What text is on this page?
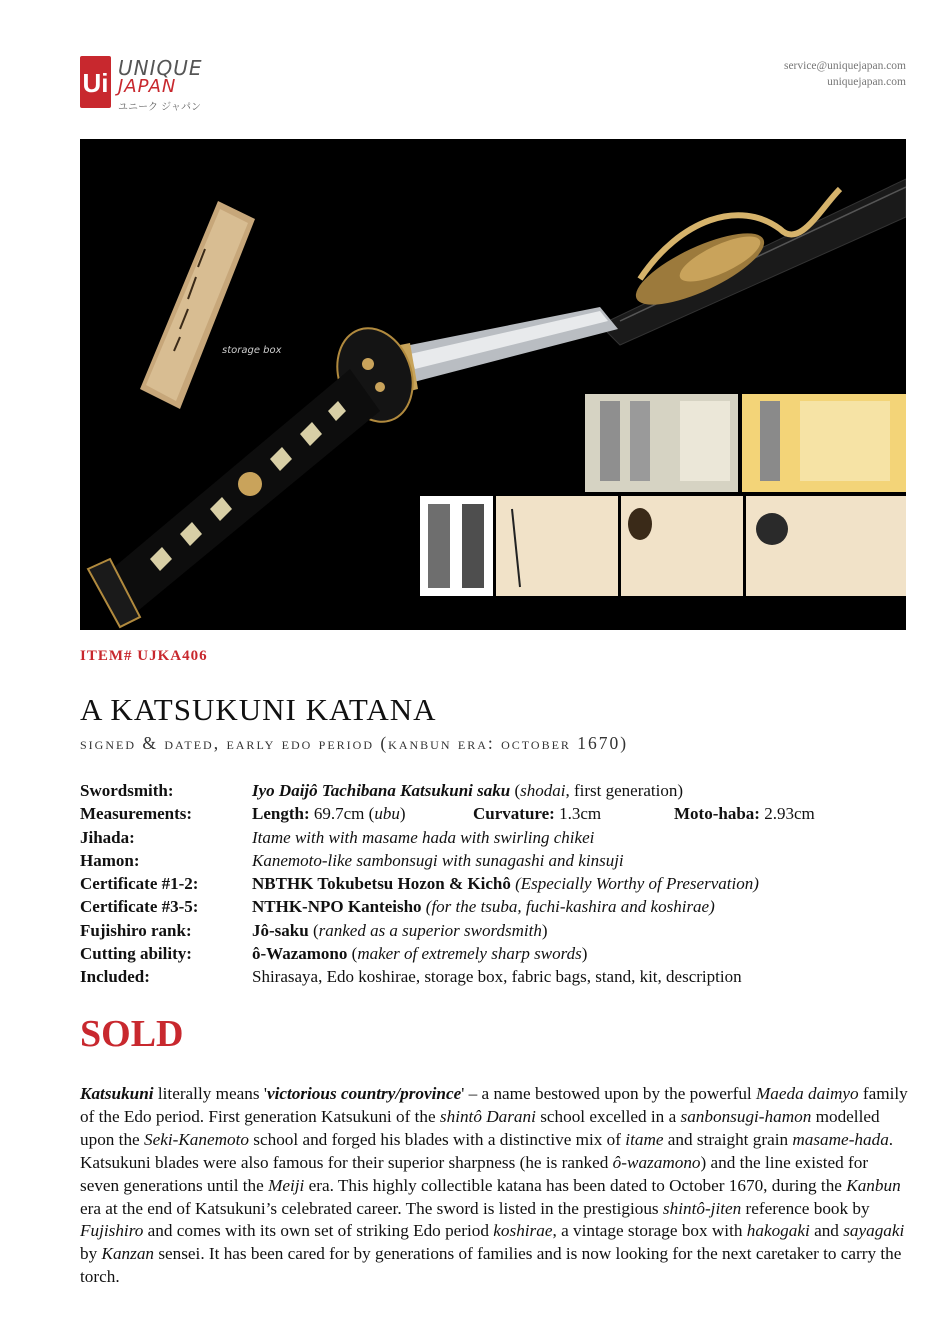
Ui UNIQUE
JAPAN
ユニーク ジャパン
service@uniquejapan.com
uniquejapan.com
storage box
ITEM# UJKA406
A KATSUKUNI KATANA
signed & dated, early edo period (kanbun era: october 1670)
Swordsmith:	Iyo Daijô Tachibana Katsukuni saku (shodai, first generation)
Measurements:	Length: 69.7cm (ubu)	Curvature: 1.3cm	Moto-haba: 2.93cm
Jihada:	Itame with with masame hada with swirling chikei
Hamon:	Kanemoto-like sambonsugi with sunagashi and kinsuji
Certificate #1-2:	NBTHK Tokubetsu Hozon & Kichô (Especially Worthy of Preservation)
Certificate #3-5:	NTHK-NPO Kanteisho (for the tsuba, fuchi-kashira and koshirae)
Fujishiro rank:	Jô-saku (ranked as a superior swordsmith)
Cutting ability:	ô-Wazamono (maker of extremely sharp swords)
Included:	Shirasaya, Edo koshirae, storage box, fabric bags, stand, kit, description
SOLD
Katsukuni literally means 'victorious country/province' – a name bestowed upon by the powerful Maeda daimyo family of the Edo period. First generation Katsukuni of the shintô Darani school excelled in a sanbonsugi-hamon modelled upon the Seki-Kanemoto school and forged his blades with a distinctive mix of itame and straight grain masame-hada. Katsukuni blades were also famous for their superior sharpness (he is ranked ô-wazamono) and the line existed for seven generations until the Meiji era. This highly collectible katana has been dated to October 1670, during the Kanbun era at the end of Katsukuni’s celebrated career. The sword is listed in the prestigious shintô-jiten reference book by Fujishiro and comes with its own set of striking Edo period koshirae, a vintage storage box with hakogaki and sayagaki by Kanzan sensei. It has been cared for by generations of families and is now looking for the next caretaker to carry the torch.
